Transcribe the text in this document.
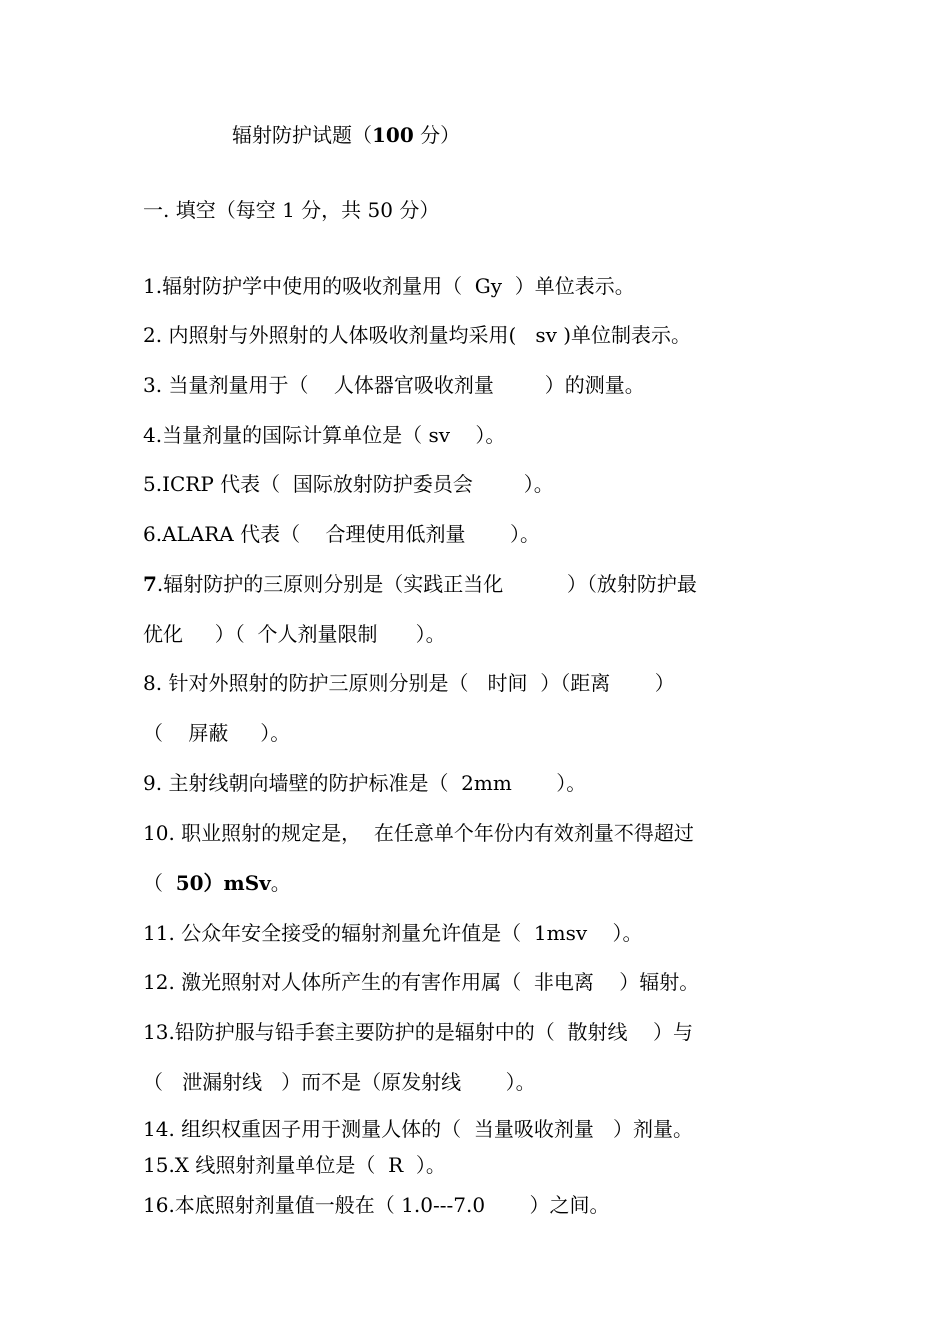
辐射防护试题（100 分）
一. 填空（每空 1 分，共 50 分）
1.辐射防护学中使用的吸收剂量用（  Gy  ）单位表示。
2. 内照射与外照射的人体吸收剂量均采用(   sv )单位制表示。
3. 当量剂量用于（    人体器官吸收剂量        ）的测量。
4.当量剂量的国际计算单位是（ sv    ）。
5.ICRP 代表（  国际放射防护委员会        ）。
6.ALARA 代表（    合理使用低剂量       ）。
7.辐射防护的三原则分别是（实践正当化          ）（放射防护最
优化     ）（  个人剂量限制      ）。
8. 针对外照射的防护三原则分别是（   时间  ）（距离       ）
（    屏蔽     ）。
9. 主射线朝向墙壁的防护标准是（  2mm       ）。
10. 职业照射的规定是，  在任意单个年份内有效剂量不得超过
（  50）mSv。
11. 公众年安全接受的辐射剂量允许值是（  1msv    ）。
12. 激光照射对人体所产生的有害作用属（  非电离    ）辐射。
13.铅防护服与铅手套主要防护的是辐射中的（  散射线    ）与
（   泄漏射线   ）而不是（原发射线       ）。
14. 组织权重因子用于测量人体的（  当量吸收剂量   ）剂量。
15.X 线照射剂量单位是（  R  ）。
16.本底照射剂量值一般在（ 1.0---7.0       ）之间。
